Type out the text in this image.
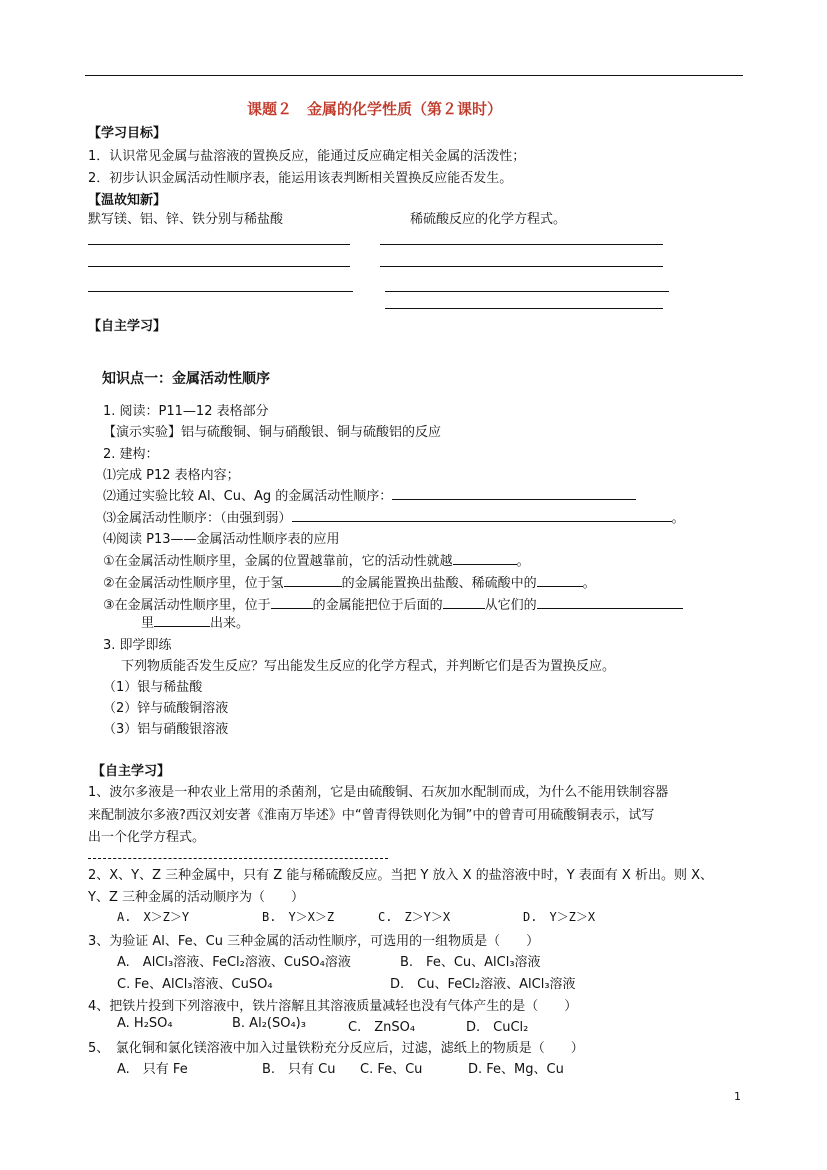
课题２　金属的化学性质（第２课时）
【学习目标】
1．认识常见金属与盐溶液的置换反应，能通过反应确定相关金属的活泼性；
2．初步认识金属活动性顺序表，能运用该表判断相关置换反应能否发生。
【温故知新】
默写镁、铝、锌、铁分别与稀盐酸	稀硫酸反应的化学方程式。
【自主学习】
知识点一：金属活动性顺序
1. 阅读：P11—12 表格部分
【演示实验】铝与硫酸铜、铜与硝酸银、铜与硫酸铝的反应
2. 建构：
⑴完成 P12 表格内容；
⑵通过实验比较 Al、Cu、Ag 的金属活动性顺序：
⑶金属活动性顺序：（由强到弱）	。
⑷阅读 P13——金属活动性顺序表的应用
①在金属活动性顺序里，金属的位置越靠前，它的活动性就越	。
②在金属活动性顺序里，位于氢	的金属能置换出盐酸、稀硫酸中的	。
③在金属活动性顺序里，位于	的金属能把位于后面的	从它们的
里	出来。
3. 即学即练
下列物质能否发生反应？写出能发生反应的化学方程式，并判断它们是否为置换反应。
（1）银与稀盐酸
（2）锌与硫酸铜溶液
（3）铝与硝酸银溶液
【自主学习】
1、波尔多液是一种农业上常用的杀菌剂，它是由硫酸铜、石灰加水配制而成，为什么不能用铁制容器
来配制波尔多液?西汉刘安著《淮南万毕述》中“曾青得铁则化为铜”中的曾青可用硫酸铜表示，试写
出一个化学方程式。
2、X、Y、Z 三种金属中，只有 Z 能与稀硫酸反应。当把 Y 放入 X 的盐溶液中时，Y 表面有 X 析出。则 X、
Y、Z 三种金属的活动顺序为（　　）
A.　X＞Z＞Y	B.　Y＞X＞Z	C.　Z＞Y＞X	D.　Y＞Z＞X
3、为验证 Al、Fe、Cu 三种金属的活动性顺序，可选用的一组物质是（　　）
A.　AlCl₃溶液、FeCl₂溶液、CuSO₄溶液	B.　Fe、Cu、AlCl₃溶液
C. Fe、AlCl₃溶液、CuSO₄	D.　Cu、FeCl₂溶液、AlCl₃溶液
4、把铁片投到下列溶液中，铁片溶解且其溶液质量减轻也没有气体产生的是（　　）
A. H₂SO₄	B. Al₂(SO₄)₃	C.　ZnSO₄	D.　CuCl₂
5、　氯化铜和氯化镁溶液中加入过量铁粉充分反应后，过滤，滤纸上的物质是（　　）
A.　只有 Fe	B.　只有 Cu C. Fe、Cu	D. Fe、Mg、Cu
1
